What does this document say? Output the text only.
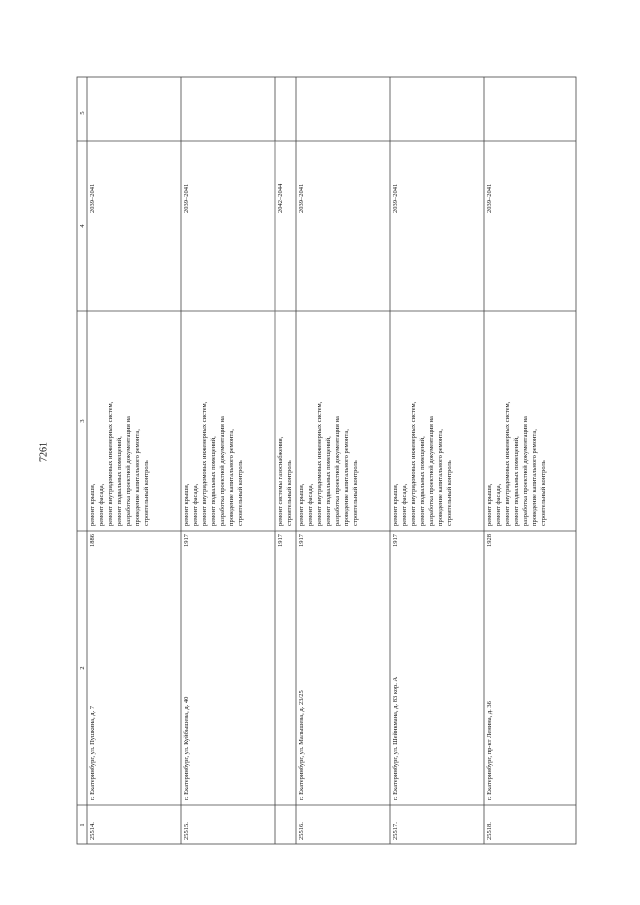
7261
5
4
3
2
1 25514.
г. Екатеринбург, ул. Пушкина, д. 7
1886
ремонт крыши, ремонт фасада, ремонт внутридомовых инженерных систем, ремонт подвальных помещений, разработка проектной документации на проведение капитального ремонта, строительный контроль
2039–2041
25515.
г. Екатеринбург, ул. Куйбышева, д. 40
1917
ремонт крыши, ремонт фасада, ремонт внутридомовых инженерных систем, ремонт подвальных помещений, разработка проектной документации на проведение капитального ремонта, строительный контроль
2039–2041
1917
ремонт системы газоснабжения, строительный контроль
2042–2044
25516.
г. Екатеринбург, ул. Малышева, д. 23/25
1917
ремонт крыши, ремонт фасада, ремонт внутридомовых инженерных систем, ремонт подвальных помещений, разработка проектной документации на проведение капитального ремонта, строительный контроль
2039–2041
25517.
г. Екатеринбург, ул. Шейнкмана, д. 83 кор. А
1917
ремонт крыши, ремонт фасада, ремонт внутридомовых инженерных систем, ремонт подвальных помещений, разработка проектной документации на проведение капитального ремонта, строительный контроль
2039–2041
25518.
г. Екатеринбург, пр-кт Ленина, д. 36
1928
ремонт крыши, ремонт фасада, ремонт внутридомовых инженерных систем, ремонт подвальных помещений, разработка проектной документации на проведение капитального ремонта, строительный контроль
2039–2041
